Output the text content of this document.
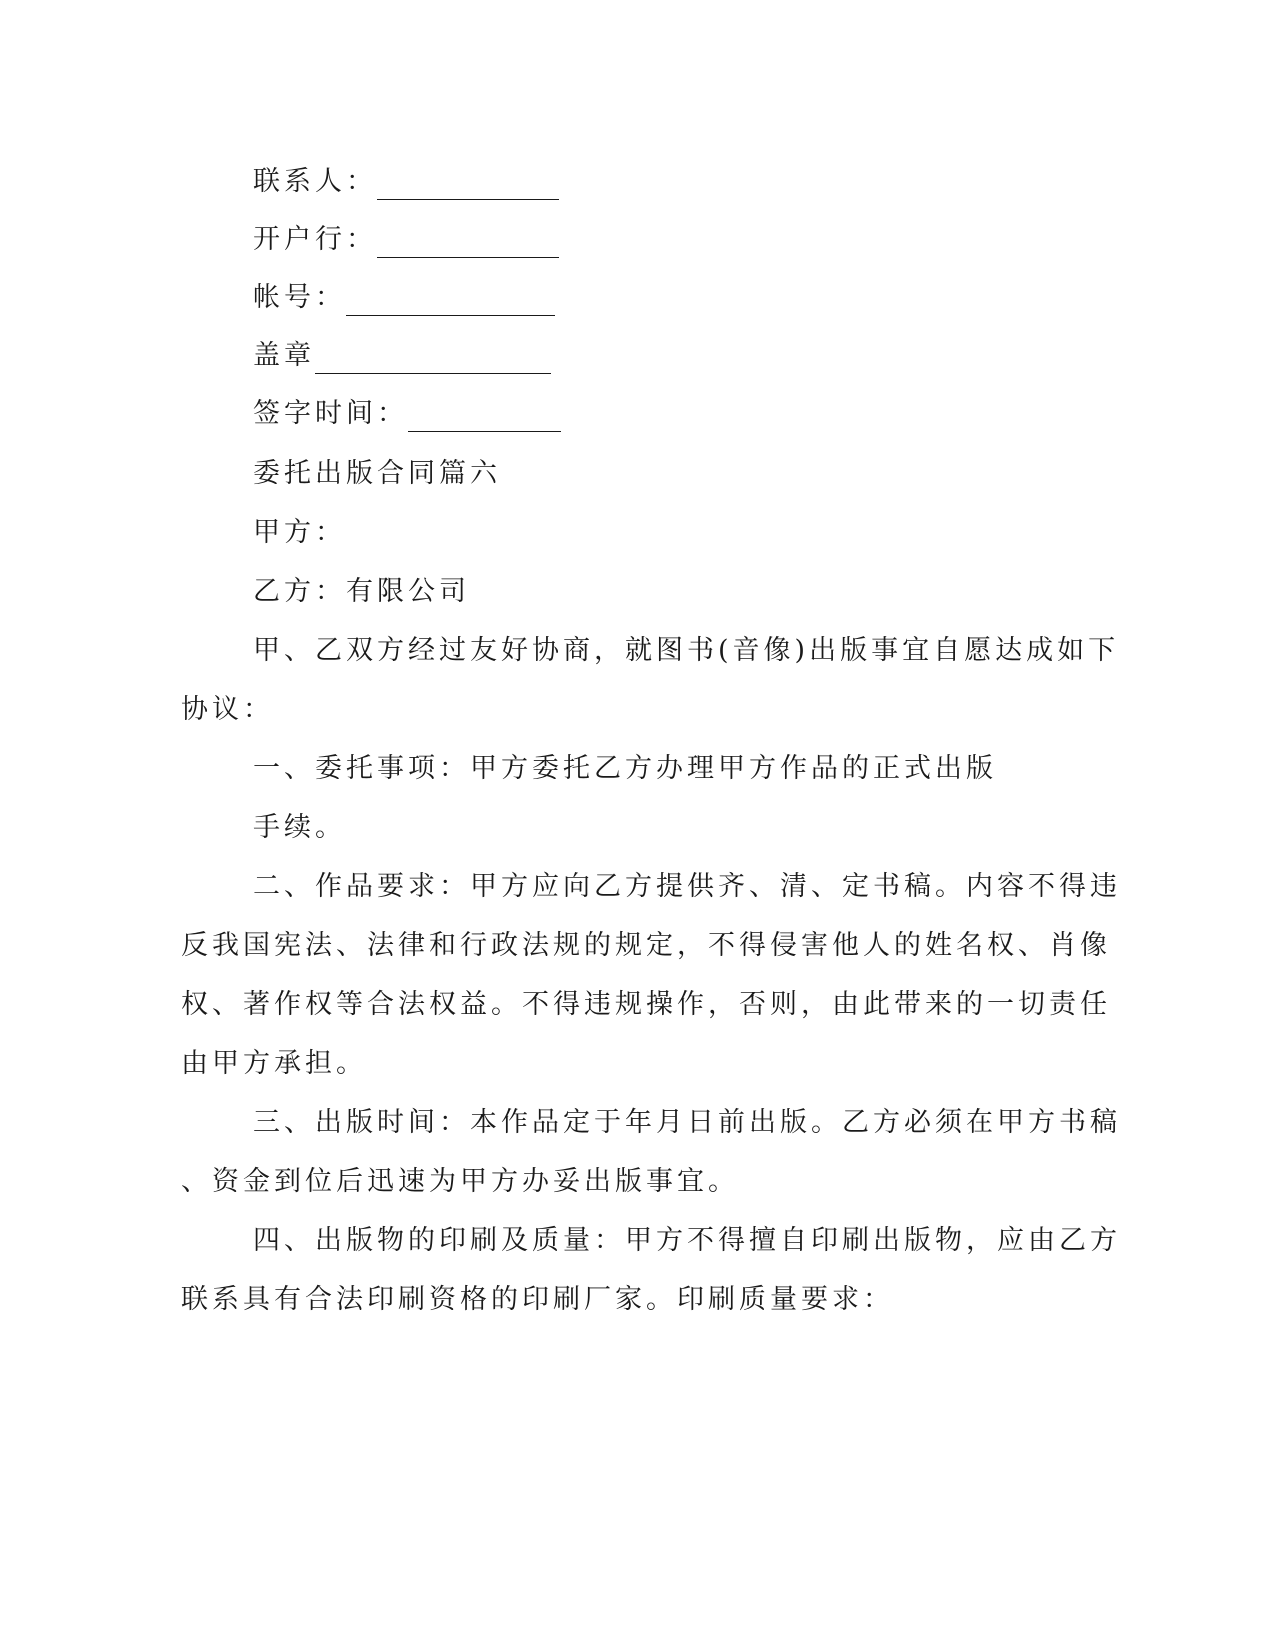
联系人：
开户行：
帐号：
盖章
签字时间：
委托出版合同篇六
甲方：
乙方：有限公司
甲、乙双方经过友好协商，就图书(音像)出版事宜自愿达成如下
协议：
一、委托事项：甲方委托乙方办理甲方作品的正式出版
手续。
二、作品要求：甲方应向乙方提供齐、清、定书稿。内容不得违
反我国宪法、法律和行政法规的规定，不得侵害他人的姓名权、肖像
权、著作权等合法权益。不得违规操作，否则，由此带来的一切责任
由甲方承担。
三、出版时间：本作品定于年月日前出版。乙方必须在甲方书稿
、资金到位后迅速为甲方办妥出版事宜。
四、出版物的印刷及质量：甲方不得擅自印刷出版物，应由乙方
联系具有合法印刷资格的印刷厂家。印刷质量要求：
